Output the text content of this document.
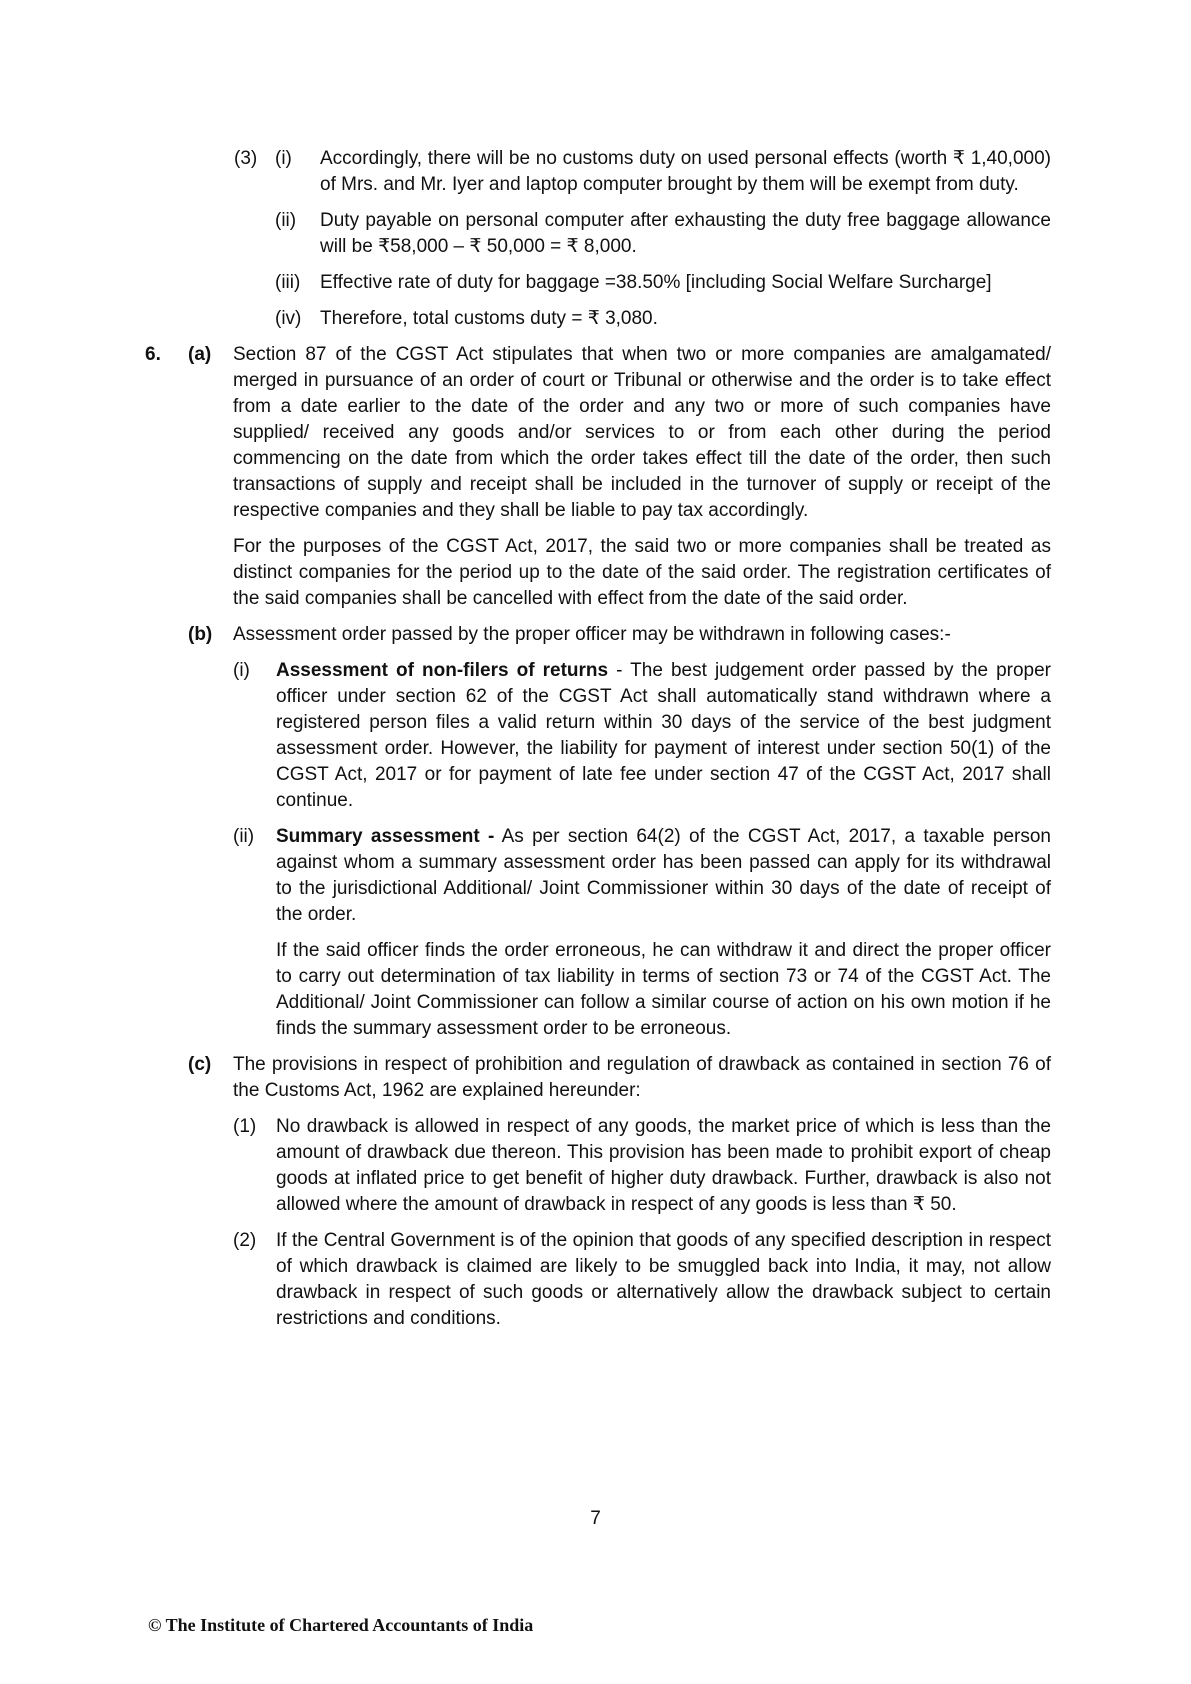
(3) (i) Accordingly, there will be no customs duty on used personal effects (worth ₹ 1,40,000) of Mrs. and Mr. Iyer and laptop computer brought by them will be exempt from duty.

(ii) Duty payable on personal computer after exhausting the duty free baggage allowance will be ₹58,000 – ₹ 50,000 = ₹ 8,000.

(iii) Effective rate of duty for baggage =38.50% [including Social Welfare Surcharge]

(iv) Therefore, total customs duty = ₹ 3,080.

6. (a) Section 87 of the CGST Act stipulates that when two or more companies are amalgamated/ merged in pursuance of an order of court or Tribunal or otherwise and the order is to take effect from a date earlier to the date of the order and any two or more of such companies have supplied/ received any goods and/or services to or from each other during the period commencing on the date from which the order takes effect till the date of the order, then such transactions of supply and receipt shall be included in the turnover of supply or receipt of the respective companies and they shall be liable to pay tax accordingly.

For the purposes of the CGST Act, 2017, the said two or more companies shall be treated as distinct companies for the period up to the date of the said order. The registration certificates of the said companies shall be cancelled with effect from the date of the said order.

(b) Assessment order passed by the proper officer may be withdrawn in following cases:-

(i) Assessment of non-filers of returns - The best judgement order passed by the proper officer under section 62 of the CGST Act shall automatically stand withdrawn where a registered person files a valid return within 30 days of the service of the best judgment assessment order. However, the liability for payment of interest under section 50(1) of the CGST Act, 2017 or for payment of late fee under section 47 of the CGST Act, 2017 shall continue.

(ii) Summary assessment - As per section 64(2) of the CGST Act, 2017, a taxable person against whom a summary assessment order has been passed can apply for its withdrawal to the jurisdictional Additional/ Joint Commissioner within 30 days of the date of receipt of the order.

If the said officer finds the order erroneous, he can withdraw it and direct the proper officer to carry out determination of tax liability in terms of section 73 or 74 of the CGST Act. The Additional/ Joint Commissioner can follow a similar course of action on his own motion if he finds the summary assessment order to be erroneous.

(c) The provisions in respect of prohibition and regulation of drawback as contained in section 76 of the Customs Act, 1962 are explained hereunder:

(1) No drawback is allowed in respect of any goods, the market price of which is less than the amount of drawback due thereon. This provision has been made to prohibit export of cheap goods at inflated price to get benefit of higher duty drawback. Further, drawback is also not allowed where the amount of drawback in respect of any goods is less than ₹ 50.

(2) If the Central Government is of the opinion that goods of any specified description in respect of which drawback is claimed are likely to be smuggled back into India, it may, not allow drawback in respect of such goods or alternatively allow the drawback subject to certain restrictions and conditions.

7
© The Institute of Chartered Accountants of India
